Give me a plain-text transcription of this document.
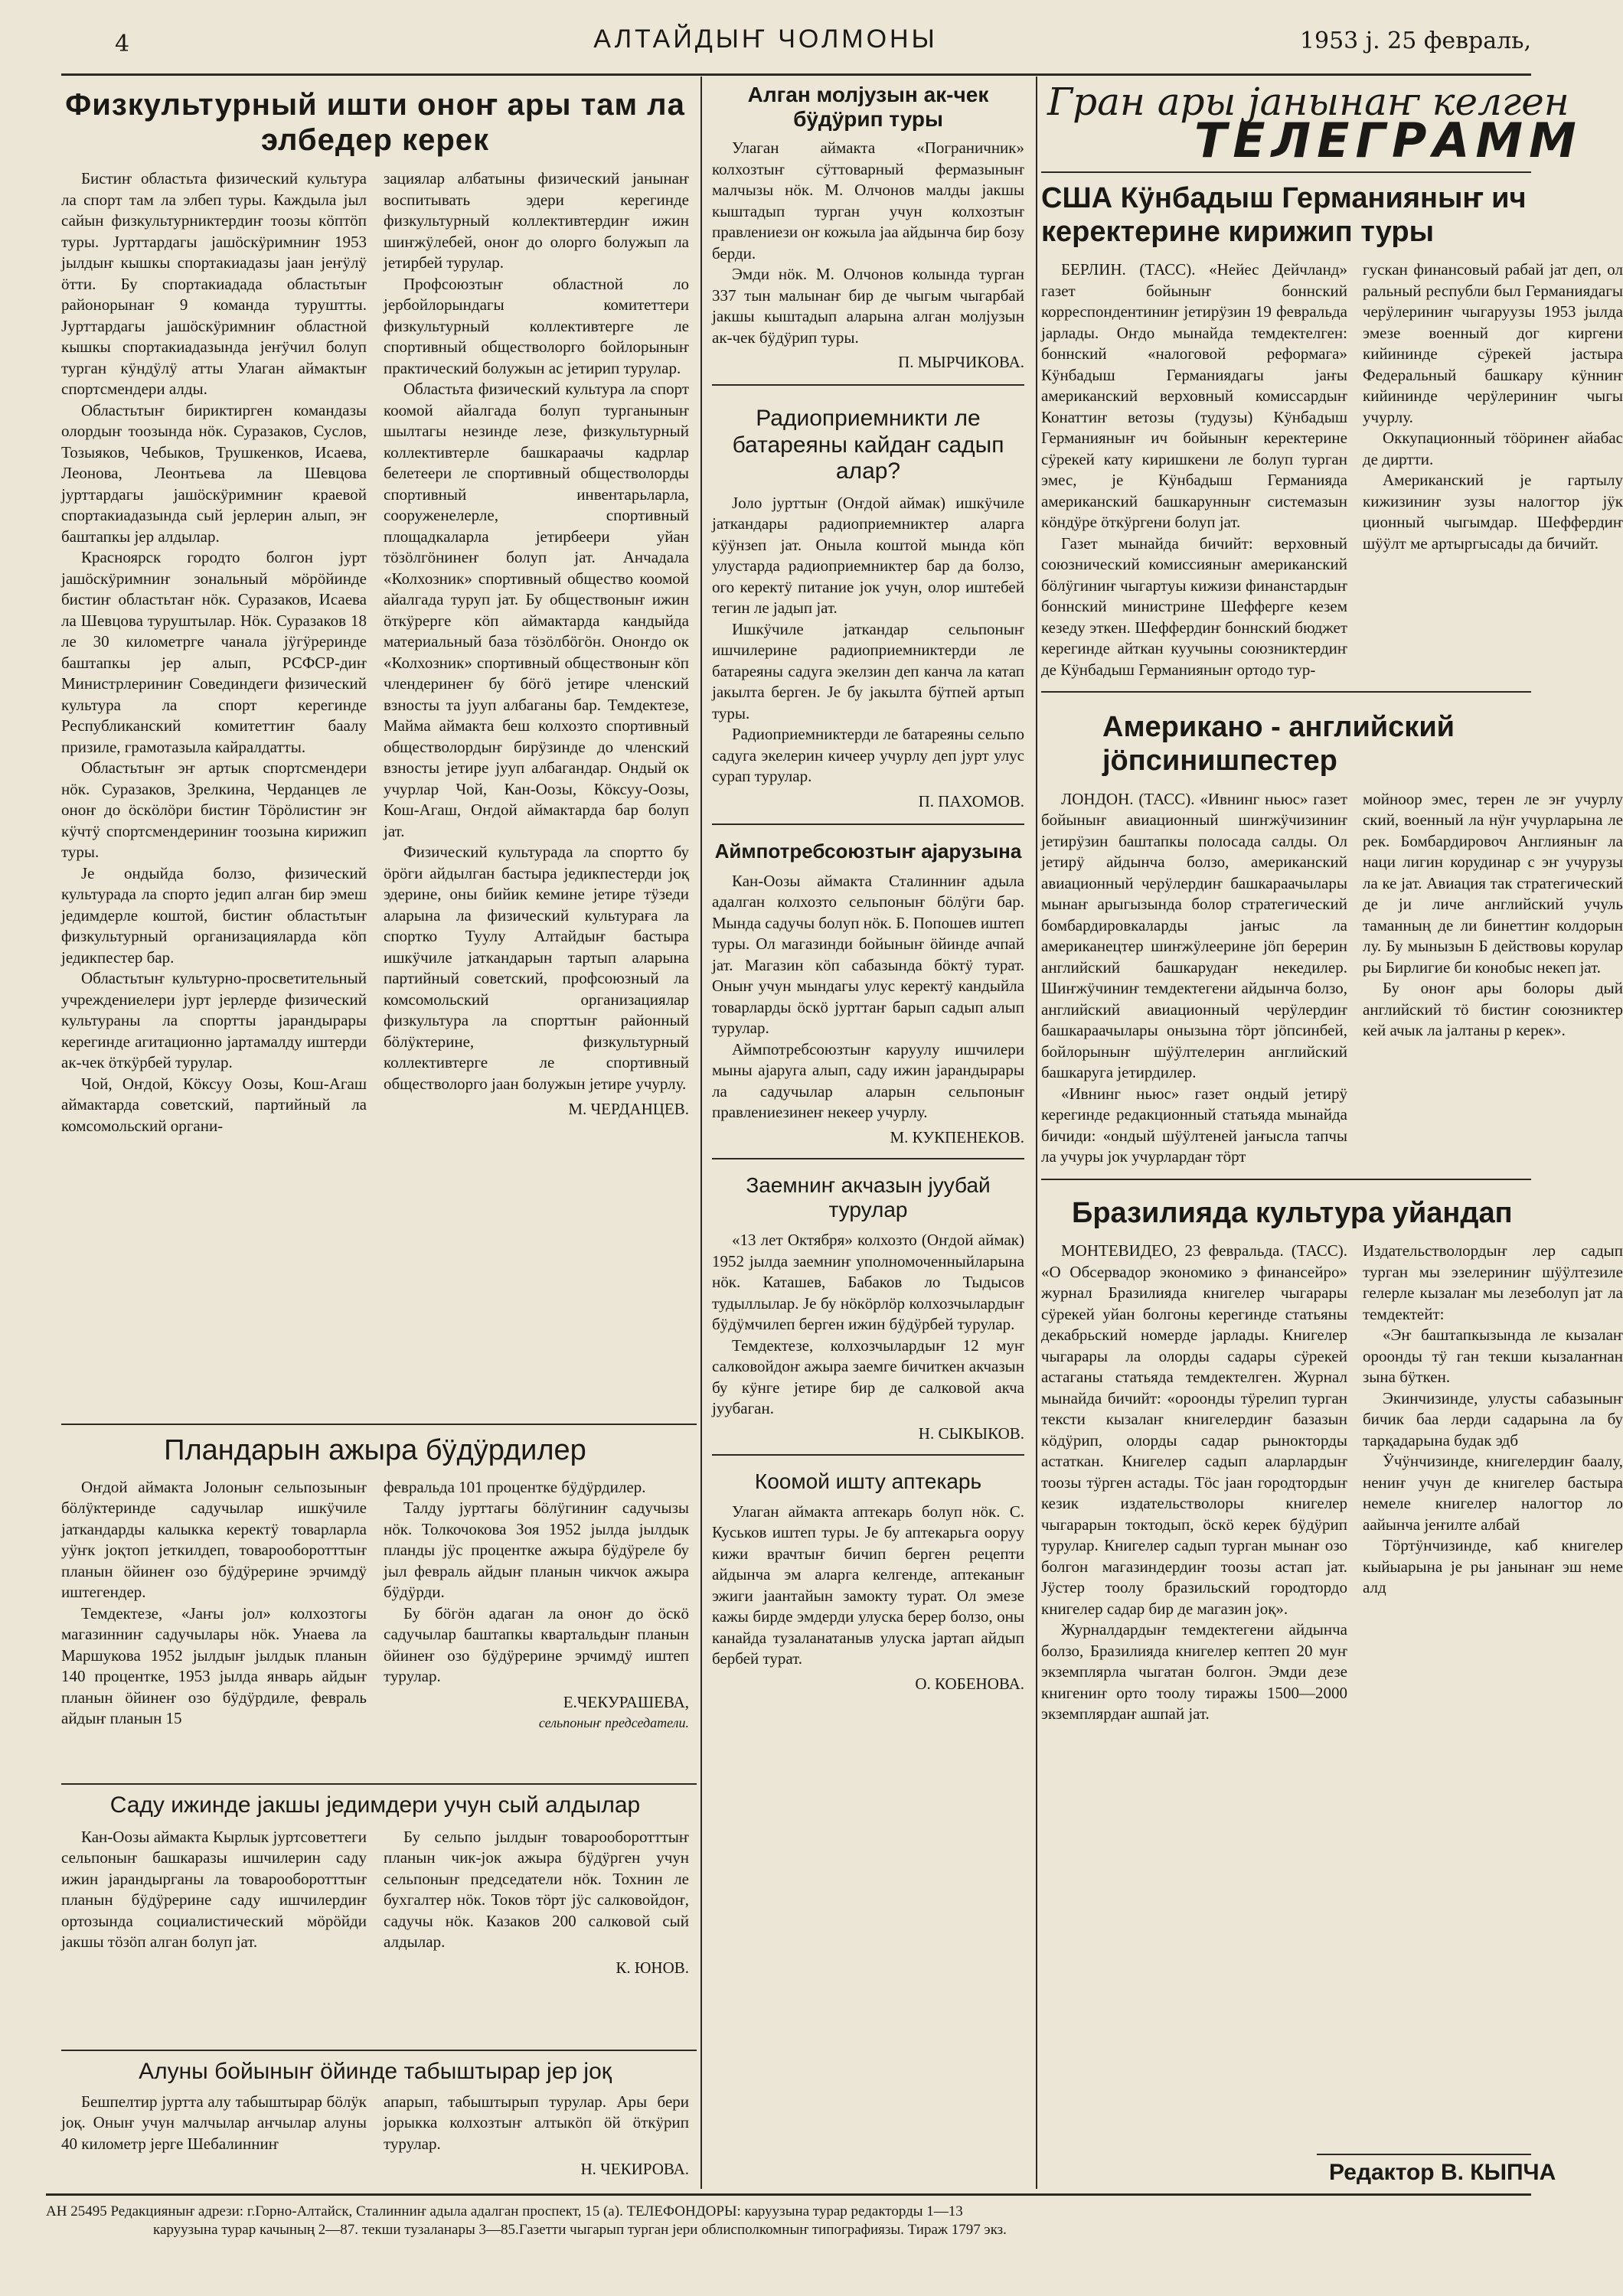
4	АЛТАЙДЫҤ ЧОЛМОНЫ	1953 ј. 25 февраль,
Физкультурный ишти оноҥ ары там ла элбедер керек

Бистиҥ областьта физический культура ла спорт там ла элбеп туры. Каждыла јыл сайын физкультурниктердиҥ тоозы кӧптӧп туры. Јурттардагы јашӧскӱримниҥ 1953 јылдыҥ кышкы спортакиадазы јаан јеҥӱлӱ ӧтти. Бу спортакиадада областьтыҥ районорынаҥ 9 команда туруштты. Јурттардагы јашӧскӱримниҥ областной кышкы спортакиадазында јеҥӱчил болуп турган кӱндӱлӱ атты Улаган аймактыҥ спортсмендери алды.

Областьтыҥ бириктирген командазы олордыҥ тоозында нӧк. Суразаков, Суслов, Тозыяков, Чебыков, Трушкенков, Исаева, Леонова, Леонтьева ла Шевцова јурттардагы јашӧскӱримниҥ краевой спортакиадазында сый јерлерин алып, эҥ баштапкы јер алдылар.

Красноярск городто болгон јурт јашӧскӱримниҥ зональный мӧрӧйинде бистиҥ областьтаҥ нӧк. Суразаков, Исаева ла Шевцова туруштылар. Нӧк. Суразаков 18 ле 30 километрге чанала јӱгӱреринде баштапкы јер алып, РСФСР-диҥ Министрлериниҥ Совединдеги физический культура ла спорт керегинде Республиканский комитеттиҥ баалу призиле, грамотазыла кайралдатты.

Областьтыҥ эҥ артык спортсмендери нӧк. Суразаков, Зрелкина, Черданцев ле оноҥ до ӧскӧлӧри бистиҥ Тӧрӧлистиҥ эҥ кӱчтӱ спортсмендериниҥ тоозына кирижип туры.

Је ондыйда болзо, физический культурада ла спорто једип алган бир эмеш једимдерле коштой, бистиҥ областьтыҥ физкультурный организацияларда кӧп једикпестер бар.

Областьтыҥ культурно-просветительный учреждениелери јурт јерлерде физический культураны ла спортты јарандырары керегинде агитационно јартамалду иштерди ак-чек ӧткӱрбей турулар.

Чой, Оҥдой, Кӧксуу Оозы, Кош-Агаш аймактарда советский, партийный ла комсомольский органи-

зациялар албатыны физический јанынаҥ воспитывать эдери керегинде физкультурный коллективтердиҥ ижин шиҥжӱлебей, оноҥ до олорго болужып ла јетирбей турулар.

Профсоюзтыҥ областной ло јербойлорындагы комитеттери физкультурный коллективтерге ле спортивный обществолорго бойлорыныҥ практический болужын ас јетирип турулар.

Областьта физический культура ла спорт коомой айалгада болуп турганыныҥ шылтагы незинде лезе, физкультурный коллективтерле башкараачы кадрлар белетеери ле спортивный обществолорды спортивный инвентарьларла, сооруженелерле, спортивный площадкаларла јетирбеери уйан тӧзӧлгӧнинеҥ болуп јат. Анчадала «Колхозник» спортивный общество коомой айалгада туруп јат. Бу обществоныҥ ижин ӧткӱрерге кӧп аймактарда кандыйда материальный база тӧзӧлбӧгӧн. Оноҥдо ок «Колхозник» спортивный обществоныҥ кӧп члендеринеҥ бу бӧгӧ јетире членский взносты та јууп албаганы бар. Темдектезе, Майма аймакта беш колхозто спортивный обществолордыҥ бирӱзинде до членский взносты јетире јууп албагандар. Ондый ок учурлар Чой, Кан-Оозы, Кӧксуу-Оозы, Кош-Агаш, Оҥдой аймактарда бар болуп јат.

Физический культурада ла спортто бу ӧрӧги айдылган бастыра једикпестерди јоқ эдерине, оны бийик кемине јетире тӱзеди аларына ла физический культураға ла спортко Туулу Алтайдыҥ бастыра ишкӱчиле јаткандарын тартып аларына партийный советский, профсоюзный ла комсомольский организациялар физкультура ла спорттыҥ районный бӧлӱктерине, физкультурный коллективтерге ле спортивный обществолорго јаан болужын јетире учурлу.

М. ЧЕРДАНЦЕВ.
Пландарын ажыра бӱдӱрдилер

Оҥдой аймакта Јолоныҥ сельпозыныҥ бӧлӱктеринде садучылар ишкӱчиле јаткандарды калыкка керектӱ товарларла уӱҥк јоқтоп јеткилдеп, товарооборотттыҥ планын ӧйинеҥ озо бӱдӱрерине эрчимдӱ иштегендер.

Темдектезе, «Јаҥы јол» колхозтогы магазинниҥ садучылары нӧк. Унаева ла Маршукова 1952 јылдыҥ јылдык планын 140 процентке, 1953 јылда январь айдыҥ планын ӧйинеҥ озо бӱдӱрдиле, февраль айдыҥ планын 15

февральда 101 процентке бӱдӱрдилер.

Талду јурттагы бӧлӱгиниҥ садучызы нӧк. Толкочокова Зоя 1952 јылда јылдык планды јӱс процентке ажыра бӱдӱреле бу јыл февраль айдыҥ планын чикчок ажыра бӱдӱрди.

Бу бӧгӧн адаган ла оноҥ до ӧскӧ садучылар баштапкы квартальдыҥ планын ӧйинеҥ озо бӱдӱрерине эрчимдӱ иштеп турулар.

Е.ЧЕКУРАШЕВА,
сельпоныҥ председатели.
Саду ижинде јакшы једимдери учун сый алдылар

Кан-Оозы аймакта Кырлык јуртсоветтеги сельпоныҥ башкаразы ишчилерин саду ижин јарандырганы ла товарооборотттыҥ планын бӱдӱрерине саду ишчилердиҥ ортозында социалистический мӧрӧйди јакшы тӧзӧп алган болуп јат.

Бу сельпо јылдыҥ товарооборотттыҥ планын чик-јок ажыра бӱдӱрген учун сельпоныҥ председатели нӧк. Тохнин ле бухгалтер нӧк. Токов тӧрт јӱс салковойдоҥ, садучы нӧк. Казаков 200 салковой сый алдылар.

К. ЮНОВ.
Алуны бойыныҥ ӧйинде табыштырар јер јоқ

Бешпелтир јуртта алу табыштырар бӧлӱк јоқ. Оныҥ учун малчылар аҥчылар алуны 40 километр јерге Шебалинниҥ

апарып, табыштырып турулар. Ары бери јорыкка колхозтыҥ алтыкӧп ӧй ӧткӱрип турулар.

Н. ЧЕКИРОВА.
Алган молјузын ак-чек бӱдӱрип туры

Улаган аймакта «Пограничник» колхозтыҥ сӱттоварный фермазыныҥ малчызы нӧк. М. Олчонов малды јакшы кыштадып турган учун колхозтыҥ правлениези оҥ кожыла јаа айдынча бир бозу берди.

Эмди нӧк. М. Олчонов колында турган 337 тын малынаҥ бир де чыгым чыгарбай јакшы кыштадып аларына алган молјузын ак-чек бӱдӱрип туры.

П. МЫРЧИКОВА.
Радиоприемникти ле батареяны кайдаҥ садып алар?

Јоло јурттыҥ (Оҥдой аймак) ишкӱчиле јаткандары радиоприемниктер аларга кӱӱнзеп јат. Оныла коштой мында кӧп улустарда радиоприемниктер бар да болзо, ого керектӱ питание јок учун, олор иштебей тегин ле јадып јат.

Ишкӱчиле јаткандар сельпоныҥ ишчилерине радиоприемниктерди ле батареяны садуга экелзин деп канча ла катап јакылта берген. Је бу јакылта бӱтпей артып туры.

Радиоприемниктерди ле батареяны сельпо садуга экелерин кичеер учурлу деп јурт улус сурап турулар.

П. ПАХОМОВ.
Аймпотребсоюзтыҥ ајарузына

Кан-Оозы аймакта Сталинниҥ адыла адалган колхозто сельпоныҥ бӧлӱги бар. Мында садучы болуп нӧк. Б. Попошев иштеп туры. Ол магазинди бойыныҥ ӧйинде ачпай јат. Магазин кӧп сабазында бӧктӱ турат. Оныҥ учун мындагы улус керектӱ кандыйла товарларды ӧскӧ јурттаҥ барып садып алып турулар.

Аймпотребсоюзтыҥ каруулу ишчилери мыны ајаруга алып, саду ижин јарандырары ла садучылар аларын сельпоныҥ правлениезинеҥ некеер учурлу.

М. КУКПЕНЕКОВ.
Заемниҥ акчазын јуубай турулар

«13 лет Октября» колхозто (Оҥдой аймак) 1952 јылда заемниҥ уполномоченныйларына нӧк. Каташев, Бабаков ло Тыдысов тудыллылар. Је бу нӧкӧрлӧр колхозчылардыҥ бӱдӱмчилеп берген ижин бӱдӱрбей турулар.

Темдектезе, колхозчылардыҥ 12 муҥ салковойдоҥ ажыра заемге бичиткен акчазын бу кӱнге јетире бир де салковой акча јуубаган.

Н. СЫКЫКОВ.
Коомой ишту аптекарь

Улаган аймакта аптекарь болуп нӧк. С. Куськов иштеп туры. Је бу аптекарьга ооруу кижи врачтыҥ бичип берген рецепти айдынча эм аларга келгенде, аптеканыҥ эжиги јаантайын замокту турат. Ол эмезе кажы бирде эмдерди улуска берер болзо, оны канайда тузаланатаныв улуска јартап айдып бербей турат.

О. КОБЕНОВА.
Гран ары јанынаҥ келген
ТЕЛЕГРАММ
США Кӱнбадыш Германияныҥ ич керектерине кирижип туры

БЕРЛИН. (ТАСС). «Нейес Дейчланд» газет бойыныҥ боннский корреспондентиниҥ јетирӱзин 19 февральда јарлады. Оҥдо мынайда темдектелген: боннский «налоговой реформага» Кӱнбадыш Германиядагы јаҥы американский верховный комиссардыҥ Конаттиҥ ветозы (тудузы) Кӱнбадыш Германияныҥ ич бойыныҥ керектерине сӱрекей кату киришкени ле болуп турган эмес, је Кӱнбадыш Германияда американский башкарунныҥ системазын кӧндӱре ӧткӱргени болуп јат.

Газет мынайда бичийт: верховный союзнический комиссияныҥ американский бӧлӱгиниҥ чыгартуы кижизи финанстардыҥ боннский министрине Шефферге кезем кезеду эткен. Шеффердиҥ боннский бюджет керегинде айткан куучыны союзниктердиҥ де Кӱнбадыш Германияныҥ ортодо тур-

гускан финансовый рабай јат деп, ол ральный республи был Германиядагы черӱлериниҥ чыгаруузы 1953 јылда эмезе военный дог киргени кийининде сӱрекей јастыра Федеральный башкару кӱнниҥ кийининде черӱлериниҥ чыгы учурлу.

Оккупационный тӧӧринеҥ айабас де диртти.

Американский је гартылу кижизиниҥ зузы налогтор јӱк ционный чыгымдар. Шеффердиҥ шӱӱлт ме артыргысады да бичийт.

Американо - английский јӧпсинишпестер

ЛОНДОН. (ТАСС). «Ивнинг ньюс» газет бойыныҥ авиационный шиҥжӱчизиниҥ јетирӱзин баштапкы полосада салды. Ол јетирӱ айдынча болзо, американский авиационный черӱлердиҥ башкараачылары мынаҥ арыгызында болор стратегический бомбардировкаларды јаҥыс ла американецтер шиҥжӱлеерине јӧп берерин английский башкарудаҥ некедилер. Шиҥжӱчиниҥ темдектегени айдынча болзо, английский авиационный черӱлердиҥ башкараачылары онызына тӧрт јӧпсинбей, бойлорыныҥ шӱӱлтелерин английский башкаруга јетирдилер.

«Ивнинг ньюс» газет ондый јетирӱ керегинде редакционный статьяда мынайда бичиди: «ондый шӱӱлтеней јаҥысла тапчы ла учуры јок учурлардаҥ тӧрт

мойноор эмес, терен ле эҥ учурлу ский, военный ла нӱҥ учурларына ле рек. Бомбардировоч Англияныҥ ла наци лигин корудинар с эҥ учурузы ла ке јат. Авиация так стратегический де ји личе английский учуль таманның де ли бинеттиҥ колдорын лу. Бу мынызын Б дeйствовы корулар ры Бирлигие би конобыс некеп јат.

Бу оноҥ ары болоры дый английский тӧ бистиҥ союзниктер кей ачык ла јалтаны р керек».

Бразилияда культура уйандап

МОНТЕВИДЕО, 23 февральда. (ТАСС). «О Обсервадор экономико э финансейро» журнал Бразилияда книгелер чыгарары сӱрекей уйан болгоны керегинде статьяны декабрьский номерде јарлады. Книгелер чыгарары ла олорды садары сӱрекей астаганы статьяда темдектелген. Журнал мынайда бичийт: «ороонды тӱрелип турган тексти кызалаҥ книгелердиҥ базазын кӧдӱрип, олорды садар рынокторды астаткан. Книгелер садып аларлардыҥ тоозы тӱрген астады. Тӧс јаан городтордыҥ кезик издательстволоры книгелер чыгарарын токтодып, ӧскӧ керек бӱдӱрип турулар. Книгелер садып турган мынаҥ озо болгон магазиндердиҥ тоозы астап јат. Јӱстер тоолу бразильский городтордо книгелер садар бир де магазин јоқ».

Журналдардыҥ темдектегени айдынча болзо, Бразилияда книгелер кептеп 20 муҥ экземплярла чыгатан болгон. Эмди дезе книгениҥ орто тоолу тиражы 1500—2000 экземплярдаҥ ашпай јат.

Издательстволордыҥ лер садып турган мы эзелериниҥ шӱӱлтезиле гелерле кызалаҥ мы лезеболуп јат ла темдектейт:

«Эҥ баштапкызында ле кызалаҥ ороонды тӱ ган текши кызалаҥнан зына бӱткен.

Экинчизинде, улусты сабазыныҥ бичик баа лерди садарына ла бу тарқадарына будак эдб

Ӱчӱнчизинде, книгелердиҥ баалу, нениҥ учун де книгелер бастыра немеле книгелер налогтор ло аайынча јеҥилте албай

Тӧртӱнчизинде, каб книгелер кыйыарына је ры јанынаҥ эш неме алд

Редактор В. КЫПЧА
АН 25495 Редакцияныҥ адрези: г.Горно-Алтайск, Сталинниҥ адыла адалган проспект, 15 (а). ТЕЛЕФОНДОРЫ: каруузына турар редакторды 1—13
каруузына турар качының 2—87. текши тузаланары 3—85.Газетти чыгарып турган јери облисполкомныҥ типографиязы. Тираж 1797 экз.
